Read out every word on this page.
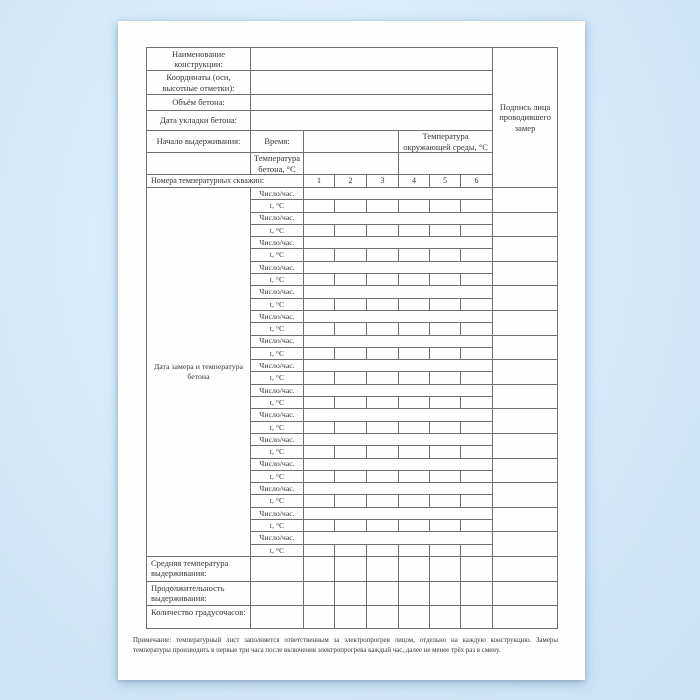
Наименование конструкции:								Подпись лица проводившего замер
Координаты (оси, высотные отметки):								
Объём бетона:								
Дата укладки бетона:								
Начало выдерживания:	Время:				Температура окружающей среды, °С			
	Температура бетона, °С							
Номера температурных скважин:		1	2	3	4	5	6	
Дата замера и температура бетона	Число/час.							
	t, °С							
	Число/час.							
	t, °С							
	Число/час.							
	t, °С							
	Число/час.							
	t, °С							
	Число/час.							
	t, °С							
	Число/час.							
	t, °С							
	Число/час.							
	t, °С							
	Число/час.							
	t, °С							
	Число/час.							
	t, °С							
	Число/час.							
	t, °С							
	Число/час.							
	t, °С							
	Число/час.							
	t, °С							
	Число/час.							
	t, °С							
	Число/час.							
	t, °С							
	Число/час.							
	t, °С							
Средняя температура выдерживания:								
Продолжительность выдерживания:								
Количество градусочасов:								
Примечание: температурный лист заполняется ответственным за электропрогрев лицом, отдельно на каждую конструкцию. Замеры температуры производить в первые три часа после включения электропрогрева каждый час, далее не менее трёх раз в смену.
